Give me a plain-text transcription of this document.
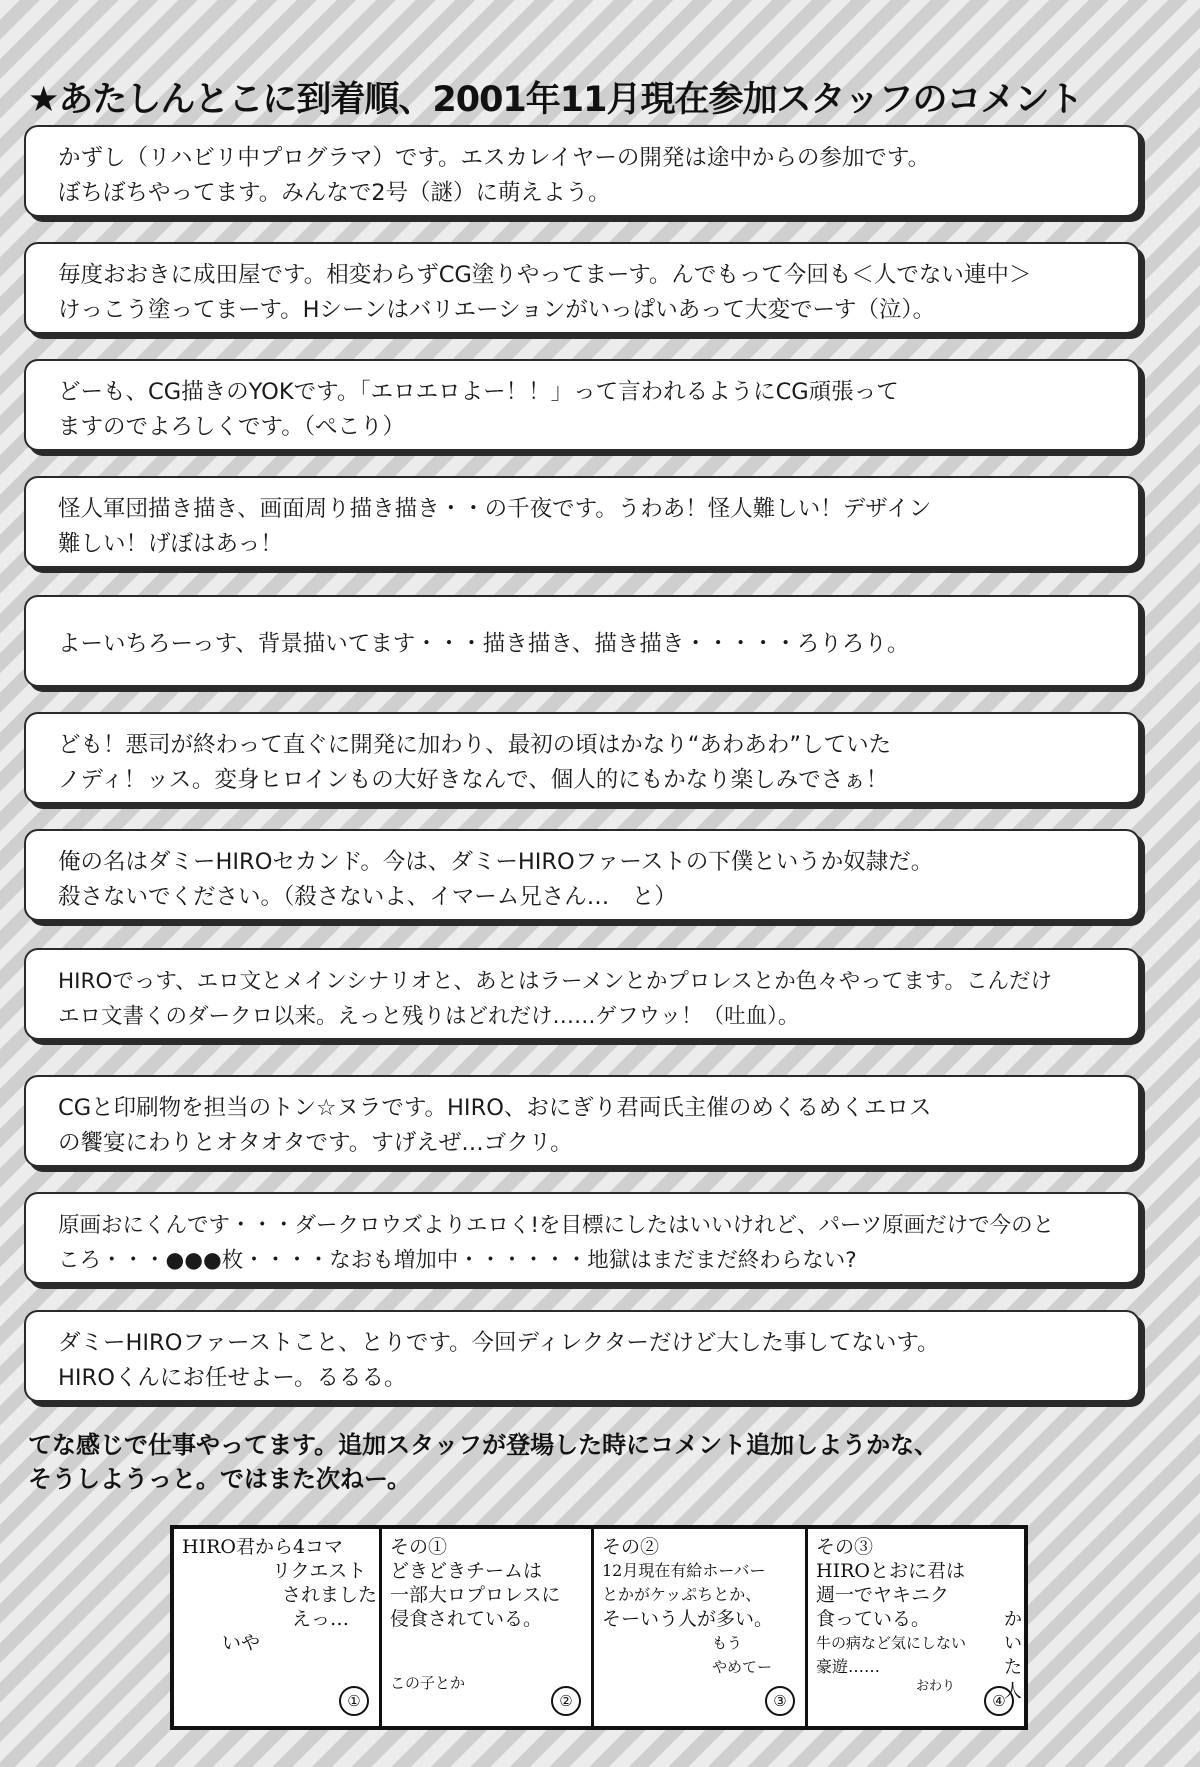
★あたしんとこに到着順、2001年11月現在参加スタッフのコメント
かずし（リハビリ中プログラマ）です。エスカレイヤーの開発は途中からの参加です。
ぼちぼちやってます。みんなで2号（謎）に萌えよう。
毎度おおきに成田屋です。相変わらずCG塗りやってまーす。んでもって今回も＜人でない連中＞
けっこう塗ってまーす。Hシーンはバリエーションがいっぱいあって大変でーす（泣）。
どーも、CG描きのYOKです。「エロエロよー！！」って言われるようにCG頑張って
ますのでよろしくです。（ぺこり）
怪人軍団描き描き、画面周り描き描き・・の千夜です。うわあ！怪人難しい！デザイン
難しい！げぼはあっ！
よーいちろーっす、背景描いてます・・・描き描き、描き描き・・・・・ろりろり。
ども！悪司が終わって直ぐに開発に加わり、最初の頃はかなり“あわあわ”していた
ノディ！ッス。変身ヒロインもの大好きなんで、個人的にもかなり楽しみでさぁ！
俺の名はダミーHIROセカンド。今は、ダミーHIROファーストの下僕というか奴隷だ。
殺さないでください。（殺さないよ、イマーム兄さん…　と）
HIROでっす、エロ文とメインシナリオと、あとはラーメンとかプロレスとか色々やってます。こんだけ
エロ文書くのダークロ以来。えっと残りはどれだけ……ゲフウッ！（吐血）。
CGと印刷物を担当のトン☆ヌラです。HIRO、おにぎり君両氏主催のめくるめくエロス
の饗宴にわりとオタオタです。すげえぜ…ゴクリ。
原画おにくんです・・・ダークロウズよりエロく!を目標にしたはいいけれど、パーツ原画だけで今のと
ころ・・・●●●枚・・・・なおも増加中・・・・・・地獄はまだまだ終わらない?
ダミーHIROファーストこと、とりです。今回ディレクターだけど大した事してないす。
HIROくんにお任せよー。るるる。
てな感じで仕事やってます。追加スタッフが登場した時にコメント追加しようかな、
そうしようっと。ではまた次ねー。
HIRO君から4コマ
リクエスト
されました
えっ…
いや
①
その①
どきどきチームは
一部大ロプロレスに
侵食されている。
この子とか
②
その②
12月現在有給ホーバー
とかがケッぷちとか、
そーいう人が多い。
もう
やめてー
③
その③
HIROとおに君は
週一でヤキニク
食っている。
牛の病など気にしない
豪遊……
おわり
④
かいた人
